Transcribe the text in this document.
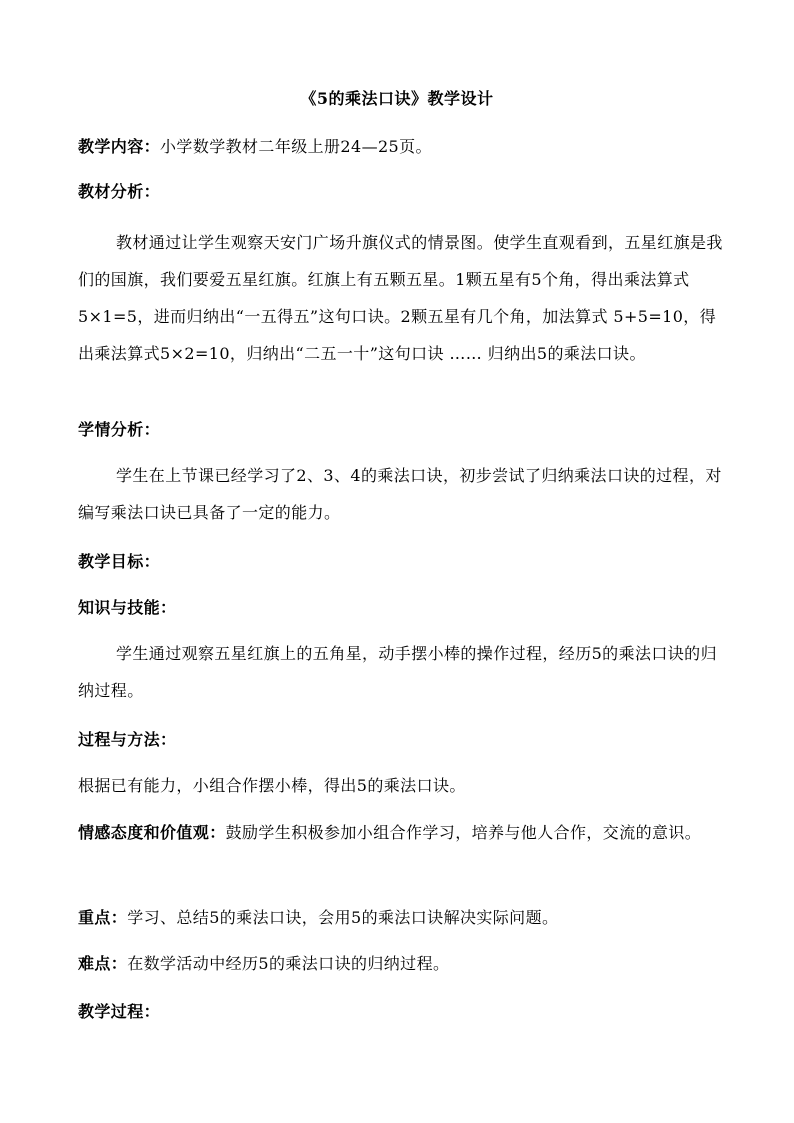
《5的乘法口诀》教学设计

教学内容：小学数学教材二年级上册24—25页。

教材分析：

教材通过让学生观察天安门广场升旗仪式的情景图。使学生直观看到，五星红旗是我们的国旗，我们要爱五星红旗。红旗上有五颗五星。1颗五星有5个角，得出乘法算式5×1=5，进而归纳出“一五得五”这句口诀。2颗五星有几个角，加法算式 5+5=10，得出乘法算式5×2=10，归纳出“二五一十”这句口诀 …… 归纳出5的乘法口诀。

学情分析：

学生在上节课已经学习了2、3、4的乘法口诀，初步尝试了归纳乘法口诀的过程，对编写乘法口诀已具备了一定的能力。

教学目标：

知识与技能：

学生通过观察五星红旗上的五角星，动手摆小棒的操作过程，经历5的乘法口诀的归纳过程。

过程与方法：

根据已有能力，小组合作摆小棒，得出5的乘法口诀。

情感态度和价值观：鼓励学生积极参加小组合作学习，培养与他人合作，交流的意识。

重点：学习、总结5的乘法口诀，会用5的乘法口诀解决实际问题。

难点：在数学活动中经历5的乘法口诀的归纳过程。

教学过程：
